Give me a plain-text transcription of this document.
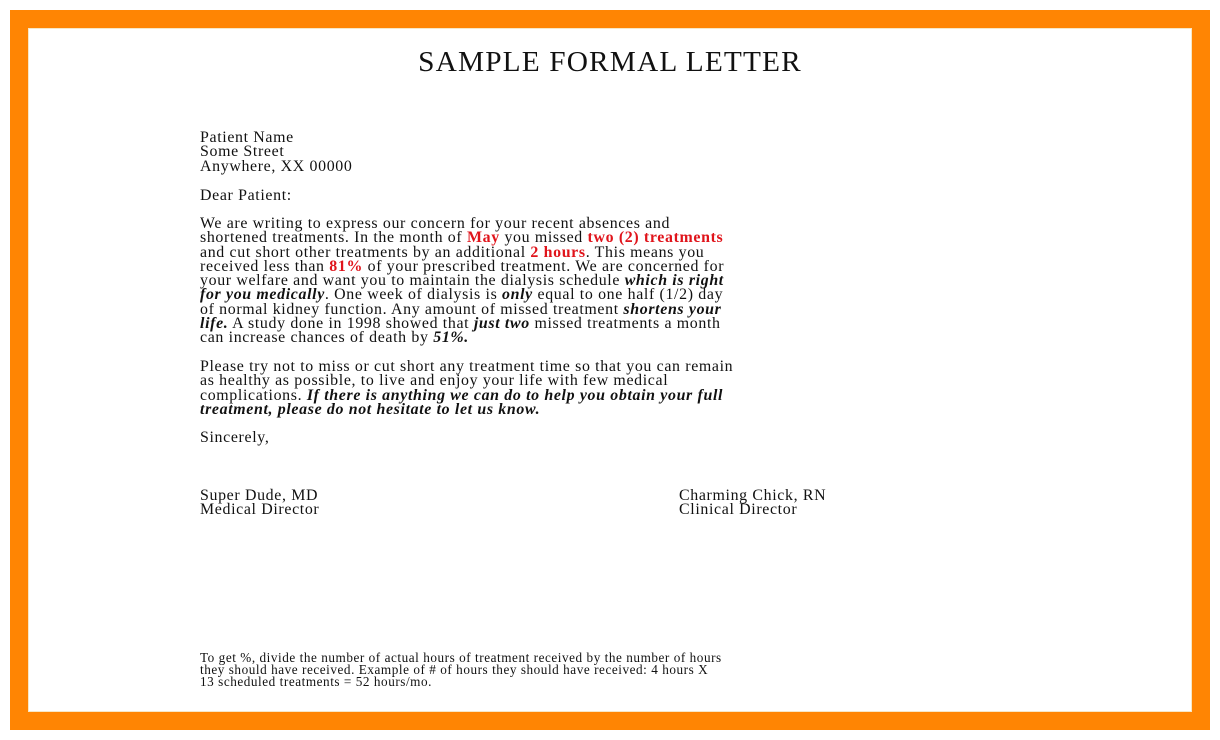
SAMPLE FORMAL LETTER
Patient Name
Some Street
Anywhere, XX 00000
Dear Patient:
We are writing to express our concern for your recent absences and
shortened treatments. In the month of May you missed two (2) treatments
and cut short other treatments by an additional 2 hours. This means you
received less than 81% of your prescribed treatment. We are concerned for
your welfare and want you to maintain the dialysis schedule which is right
for you medically. One week of dialysis is only equal to one half (1/2) day
of normal kidney function. Any amount of missed treatment shortens your
life. A study done in 1998 showed that just two missed treatments a month
can increase chances of death by 51%.
Please try not to miss or cut short any treatment time so that you can remain
as healthy as possible, to live and enjoy your life with few medical
complications. If there is anything we can do to help you obtain your full
treatment, please do not hesitate to let us know.
Sincerely,
Super Dude, MD
Medical Director
Charming Chick, RN
Clinical Director
To get %, divide the number of actual hours of treatment received by the number of hours
they should have received. Example of # of hours they should have received: 4 hours X
13 scheduled treatments = 52 hours/mo.
